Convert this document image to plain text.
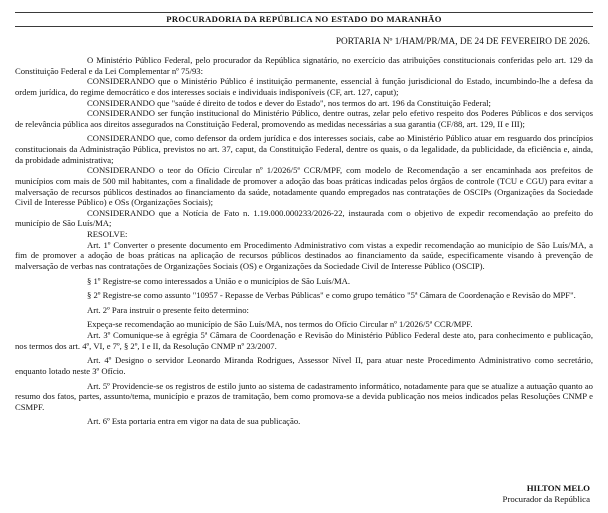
PROCURADORIA DA REPÚBLICA NO ESTADO DO MARANHÃO
PORTARIA Nº 1/HAM/PR/MA, DE 24 DE FEVEREIRO DE 2026.

O Ministério Público Federal, pelo procurador da República signatário, no exercício das atribuições constitucionais conferidas pelo art. 129 da Constituição Federal e da Lei Complementar nº 75/93:

CONSIDERANDO que o Ministério Público é instituição permanente, essencial à função jurisdicional do Estado, incumbindo-lhe a defesa da ordem jurídica, do regime democrático e dos interesses sociais e individuais indisponíveis (CF, art. 127, caput);

CONSIDERANDO que "saúde é direito de todos e dever do Estado", nos termos do art. 196 da Constituição Federal;

CONSIDERANDO ser função institucional do Ministério Público, dentre outras, zelar pelo efetivo respeito dos Poderes Públicos e dos serviços de relevância pública aos direitos assegurados na Constituição Federal, promovendo as medidas necessárias a sua garantia (CF/88, art. 129, II e III);

CONSIDERANDO que, como defensor da ordem jurídica e dos interesses sociais, cabe ao Ministério Público atuar em resguardo dos princípios constitucionais da Administração Pública, previstos no art. 37, caput, da Constituição Federal, dentre os quais, o da legalidade, da publicidade, da eficiência e, ainda, da probidade administrativa;

CONSIDERANDO o teor do Ofício Circular nº 1/2026/5ª CCR/MPF, com modelo de Recomendação a ser encaminhada aos prefeitos de municípios com mais de 500 mil habitantes, com a finalidade de promover a adoção das boas práticas indicadas pelos órgãos de controle (TCU e CGU) para evitar a malversação de recursos públicos destinados ao financiamento da saúde, notadamente quando empregados nas contratações de OSCIPs (Organizações da Sociedade Civil de Interesse Público) e OSs (Organizações Sociais);

CONSIDERANDO que a Notícia de Fato n. 1.19.000.000233/2026-22, instaurada com o objetivo de expedir recomendação ao prefeito do município de São Luís/MA;

RESOLVE:

Art. 1º Converter o presente documento em Procedimento Administrativo com vistas a expedir recomendação ao município de São Luís/MA, a fim de promover a adoção de boas práticas na aplicação de recursos públicos destinados ao financiamento da saúde, especificamente visando à prevenção de malversação de verbas nas contratações de Organizações Sociais (OS) e Organizações da Sociedade Civil de Interesse Público (OSCIP).

§ 1º Registre-se como interessados a União e o municípios de São Luís/MA.

§ 2º Registre-se como assunto "10957 - Repasse de Verbas Públicas" e como grupo temático "5ª Câmara de Coordenação e Revisão do MPF".

Art. 2º Para instruir o presente feito determino:

Expeça-se recomendação ao município de São Luís/MA, nos termos do Ofício Circular nº 1/2026/5ª CCR/MPF.

Art. 3º Comunique-se à egrégia 5ª Câmara de Coordenação e Revisão do Ministério Público Federal deste ato, para conhecimento e publicação, nos termos dos art. 4º, VI, e 7º, § 2º, I e II, da Resolução CNMP nº 23/2007.

Art. 4º Designo o servidor Leonardo Miranda Rodrigues, Assessor Nível II, para atuar neste Procedimento Administrativo como secretário, enquanto lotado neste 3º Ofício.

Art. 5º Providencie-se os registros de estilo junto ao sistema de cadastramento informático, notadamente para que se atualize a autuação quanto ao resumo dos fatos, partes, assunto/tema, município e prazos de tramitação, bem como promova-se a devida publicação nos meios indicados pelas Resoluções CNMP e CSMPF.

Art. 6º Esta portaria entra em vigor na data de sua publicação.

HILTON MELO
Procurador da República
